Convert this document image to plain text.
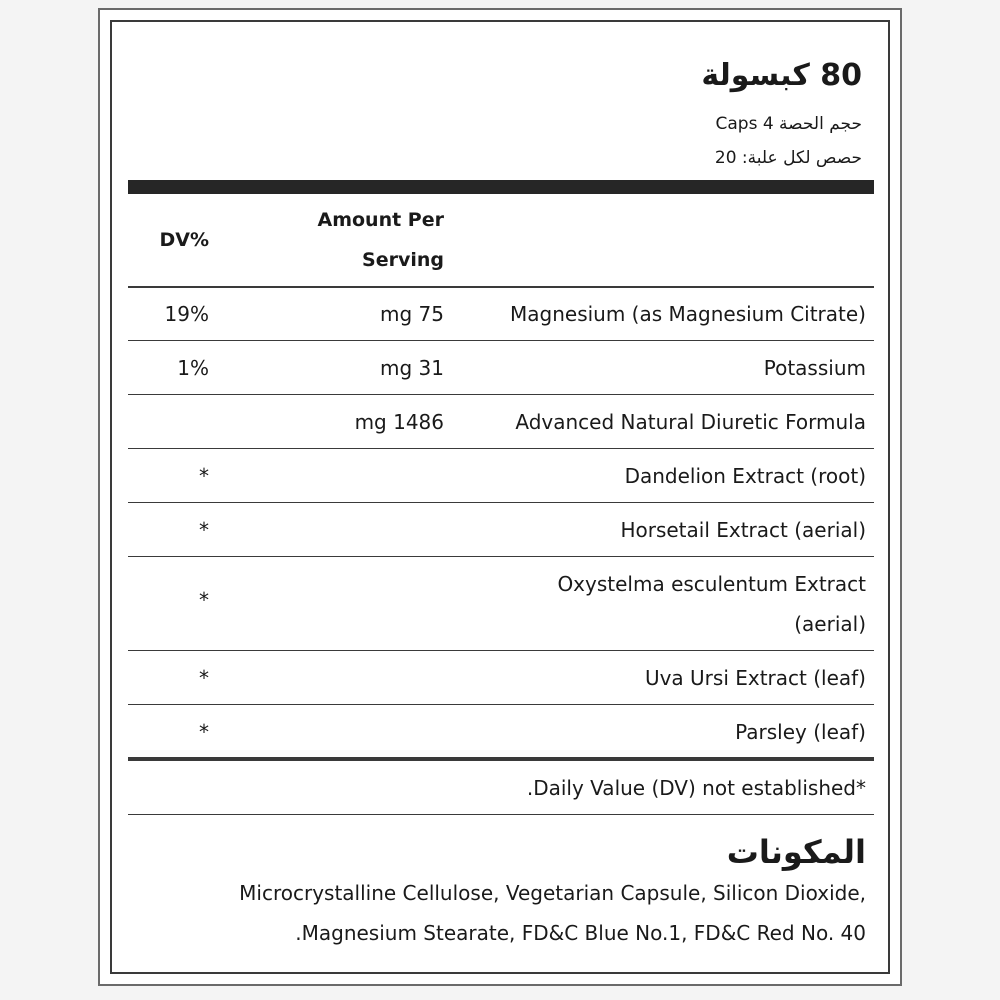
80 كبسولة
حجم الحصة 4 Caps
حصص لكل علبة: 20
DV%
Amount Per
Serving
Magnesium (as Magnesium Citrate)
mg 75
19%
Potassium
mg 31
1%
Advanced Natural Diuretic Formula
mg 1486
Dandelion Extract (root)
*
Horsetail Extract (aerial)
*
Oxystelma esculentum Extract
(aerial)
*
Uva Ursi Extract (leaf)
*
Parsley (leaf)
*
.Daily Value (DV) not established*
المكونات
Microcrystalline Cellulose, Vegetarian Capsule, Silicon Dioxide,
.Magnesium Stearate, FD&C Blue No.1, FD&C Red No. 40
